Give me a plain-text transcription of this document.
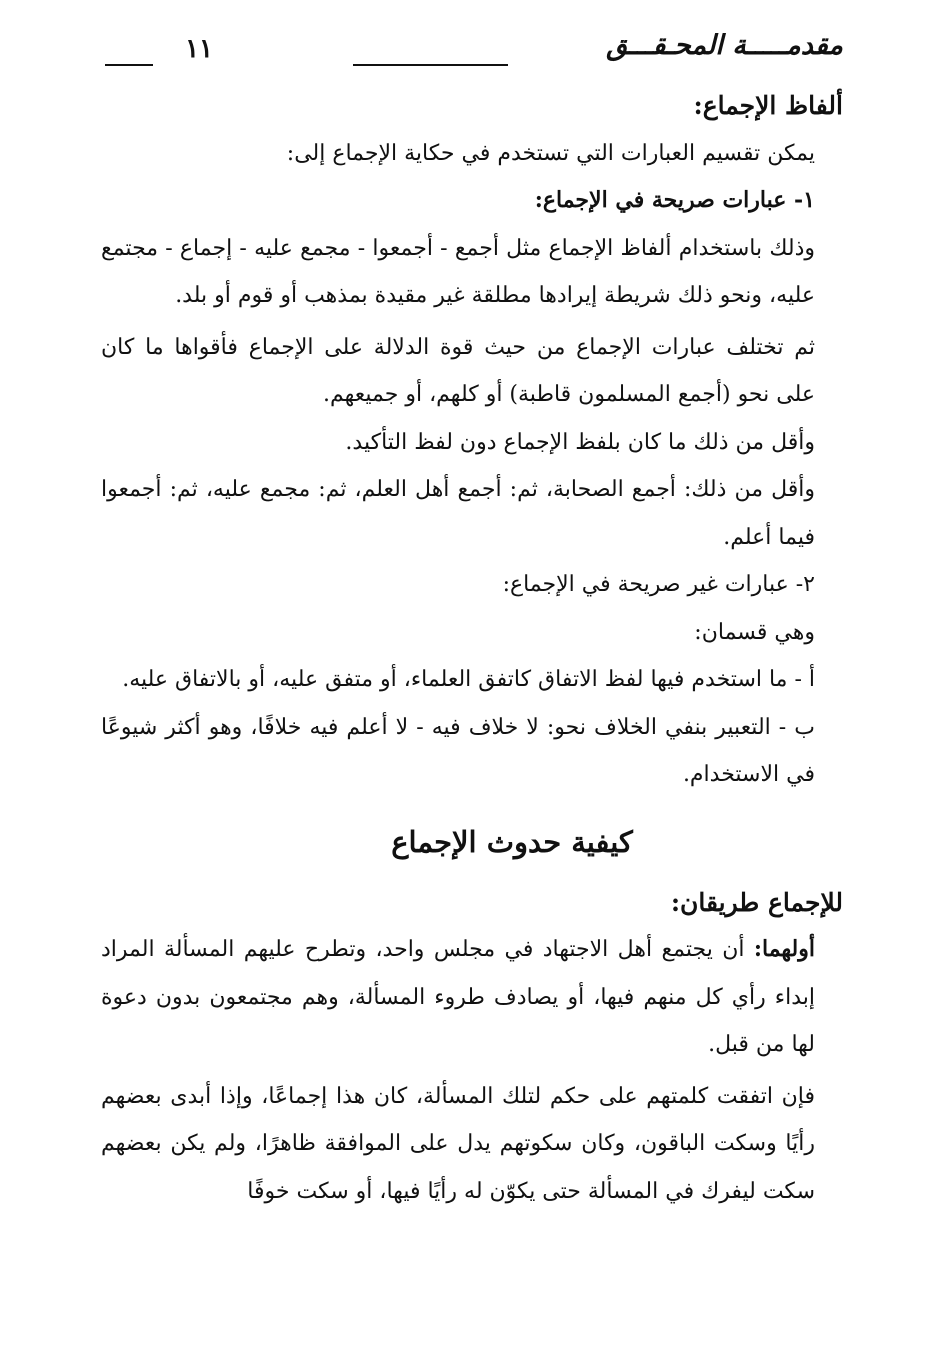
مقدمـــــة المحـقـــق
١١

ألفاظ الإجماع:

يمكن تقسيم العبارات التي تستخدم في حكاية الإجماع إلى:

١- عبارات صريحة في الإجماع:

وذلك باستخدام ألفاظ الإجماع مثل أجمع - أجمعوا - مجمع عليه - إجماع - مجتمع عليه، ونحو ذلك شريطة إيرادها مطلقة غير مقيدة بمذهب أو قوم أو بلد.

ثم تختلف عبارات الإجماع من حيث قوة الدلالة على الإجماع فأقواها ما كان على نحو (أجمع المسلمون قاطبة) أو كلهم، أو جميعهم.

وأقل من ذلك ما كان بلفظ الإجماع دون لفظ التأكيد.

وأقل من ذلك: أجمع الصحابة، ثم: أجمع أهل العلم، ثم: مجمع عليه، ثم: أجمعوا فيما أعلم.

٢- عبارات غير صريحة في الإجماع:

وهي قسمان:

أ - ما استخدم فيها لفظ الاتفاق كاتفق العلماء، أو متفق عليه، أو بالاتفاق عليه.

ب - التعبير بنفي الخلاف نحو: لا خلاف فيه - لا أعلم فيه خلافًا، وهو أكثر شيوعًا في الاستخدام.

كيفية حدوث الإجماع

للإجماع طريقان:

أولهما: أن يجتمع أهل الاجتهاد في مجلس واحد، وتطرح عليهم المسألة المراد إبداء رأي كل منهم فيها، أو يصادف طروء المسألة، وهم مجتمعون بدون دعوة لها من قبل.

فإن اتفقت كلمتهم على حكم لتلك المسألة، كان هذا إجماعًا، وإذا أبدى بعضهم رأيًا وسكت الباقون، وكان سكوتهم يدل على الموافقة ظاهرًا، ولم يكن بعضهم سكت ليفرك في المسألة حتى يكوّن له رأيًا فيها، أو سكت خوفًا
